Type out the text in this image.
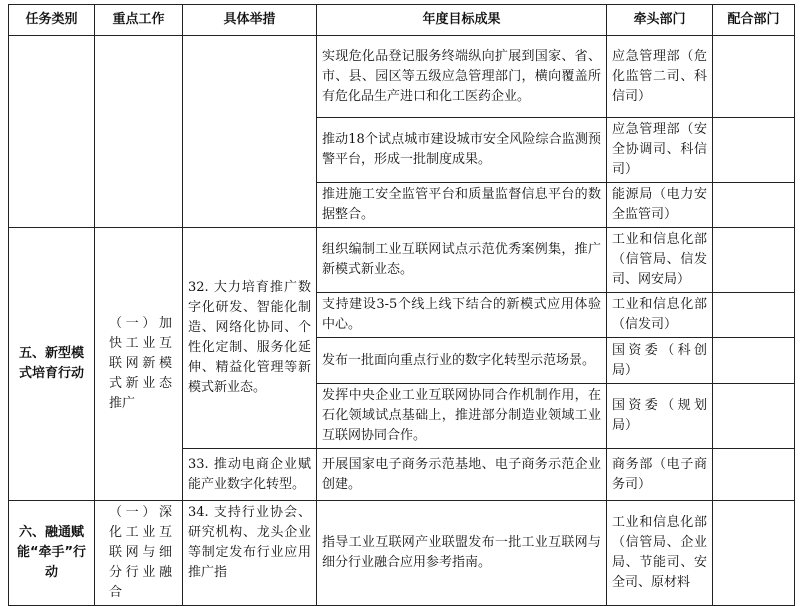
任务类别	重点工作	具体举措	年度目标成果	牵头部门	配合部门
			实现危化品登记服务终端纵向扩展到国家、省、市、县、园区等五级应急管理部门，横向覆盖所有危化品生产进口和化工医药企业。	应急管理部（危化监管二司、科信司）	
			推动18个试点城市建设城市安全风险综合监测预警平台，形成一批制度成果。	应急管理部（安全协调司、科信司）	
			推进施工安全监管平台和质量监督信息平台的数据整合。	能源局（电力安全监管司）	
五、新型模式培育行动	（一）加快工业互联网新模式新业态推广	32. 大力培育推广数字化研发、智能化制造、网络化协同、个性化定制、服务化延伸、精益化管理等新模式新业态。	组织编制工业互联网试点示范优秀案例集，推广新模式新业态。	工业和信息化部（信管局、信发司、网安局）	
			支持建设3-5个线上线下结合的新模式应用体验中心。	工业和信息化部（信发司）	
			发布一批面向重点行业的数字化转型示范场景。	国资委（科创局）	
			发挥中央企业工业互联网协同合作机制作用，在石化领域试点基础上，推进部分制造业领域工业互联网协同合作。	国资委（规划局）	
		33. 推动电商企业赋能产业数字化转型。	开展国家电子商务示范基地、电子商务示范企业创建。	商务部（电子商务司）	
六、融通赋能“牵手”行动	（一）深化工业互联网与细分行业融合	34. 支持行业协会、研究机构、龙头企业等制定发布行业应用推广指	指导工业互联网产业联盟发布一批工业互联网与细分行业融合应用参考指南。	工业和信息化部（信管局、企业局、节能司、安全司、原材料	
